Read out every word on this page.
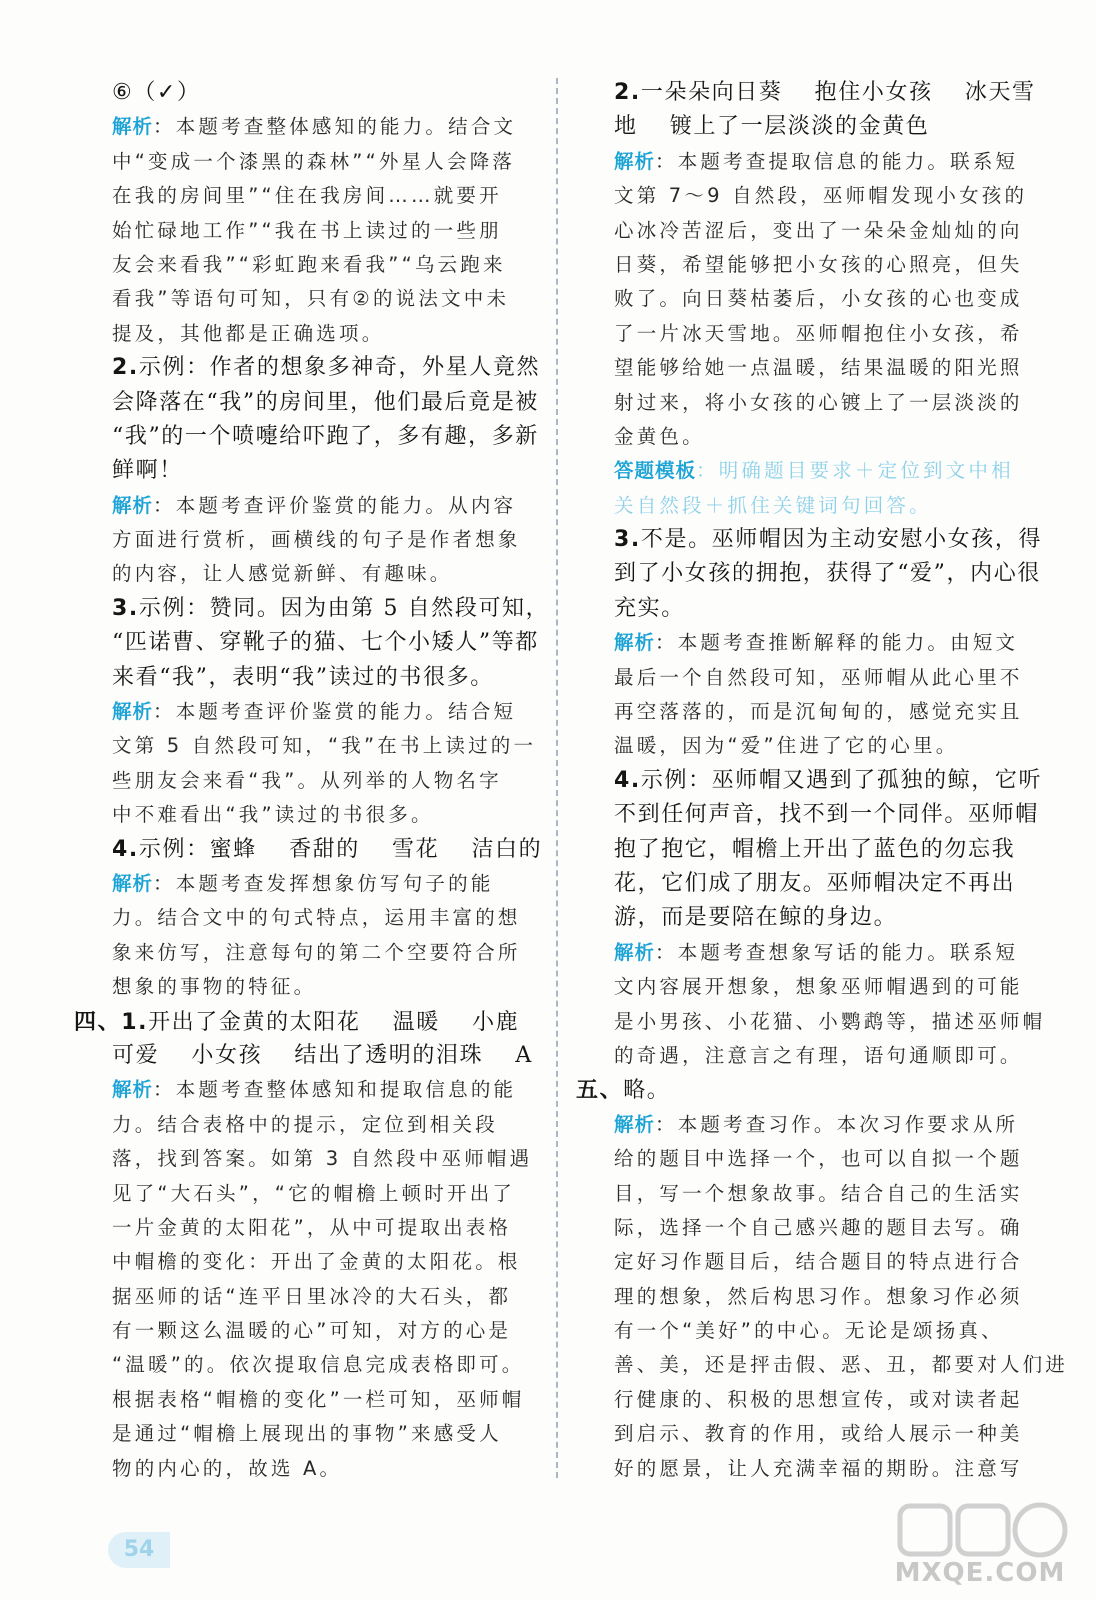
⑥（✓）
解析：本题考查整体感知的能力。结合文
中“变成一个漆黑的森林”“外星人会降落
在我的房间里”“住在我房间……就要开
始忙碌地工作”“我在书上读过的一些朋
友会来看我”“彩虹跑来看我”“乌云跑来
看我”等语句可知，只有②的说法文中未
提及，其他都是正确选项。
2.示例：作者的想象多神奇，外星人竟然
会降落在“我”的房间里，他们最后竟是被
“我”的一个喷嚏给吓跑了，多有趣，多新
鲜啊！
解析：本题考查评价鉴赏的能力。从内容
方面进行赏析，画横线的句子是作者想象
的内容，让人感觉新鲜、有趣味。
3.示例：赞同。因为由第 5 自然段可知，
“匹诺曹、穿靴子的猫、七个小矮人”等都
来看“我”，表明“我”读过的书很多。
解析：本题考查评价鉴赏的能力。结合短
文第 5 自然段可知，“我”在书上读过的一
些朋友会来看“我”。从列举的人物名字
中不难看出“我”读过的书很多。
4.示例：蜜蜂　 香甜的　 雪花　 洁白的
解析：本题考查发挥想象仿写句子的能
力。结合文中的句式特点，运用丰富的想
象来仿写，注意每句的第二个空要符合所
想象的事物的特征。
四、1.开出了金黄的太阳花　 温暖　 小鹿
可爱　 小女孩　 结出了透明的泪珠　 A
解析：本题考查整体感知和提取信息的能
力。结合表格中的提示，定位到相关段
落，找到答案。如第 3 自然段中巫师帽遇
见了“大石头”，“它的帽檐上顿时开出了
一片金黄的太阳花”，从中可提取出表格
中帽檐的变化：开出了金黄的太阳花。根
据巫师的话“连平日里冰冷的大石头，都
有一颗这么温暖的心”可知，对方的心是
“温暖”的。依次提取信息完成表格即可。
根据表格“帽檐的变化”一栏可知，巫师帽
是通过“帽檐上展现出的事物”来感受人
物的内心的，故选 A。
2.一朵朵向日葵　 抱住小女孩　 冰天雪
地　 镀上了一层淡淡的金黄色
解析：本题考查提取信息的能力。联系短
文第 7～9 自然段，巫师帽发现小女孩的
心冰冷苦涩后，变出了一朵朵金灿灿的向
日葵，希望能够把小女孩的心照亮，但失
败了。向日葵枯萎后，小女孩的心也变成
了一片冰天雪地。巫师帽抱住小女孩，希
望能够给她一点温暖，结果温暖的阳光照
射过来，将小女孩的心镀上了一层淡淡的
金黄色。
答题模板：明确题目要求＋定位到文中相
关自然段＋抓住关键词句回答。
3.不是。巫师帽因为主动安慰小女孩，得
到了小女孩的拥抱，获得了“爱”，内心很
充实。
解析：本题考查推断解释的能力。由短文
最后一个自然段可知，巫师帽从此心里不
再空落落的，而是沉甸甸的，感觉充实且
温暖，因为“爱”住进了它的心里。
4.示例：巫师帽又遇到了孤独的鲸，它听
不到任何声音，找不到一个同伴。巫师帽
抱了抱它，帽檐上开出了蓝色的勿忘我
花，它们成了朋友。巫师帽决定不再出
游，而是要陪在鲸的身边。
解析：本题考查想象写话的能力。联系短
文内容展开想象，想象巫师帽遇到的可能
是小男孩、小花猫、小鹦鹉等，描述巫师帽
的奇遇，注意言之有理，语句通顺即可。
五、略。
解析：本题考查习作。本次习作要求从所
给的题目中选择一个，也可以自拟一个题
目，写一个想象故事。结合自己的生活实
际，选择一个自己感兴趣的题目去写。确
定好习作题目后，结合题目的特点进行合
理的想象，然后构思习作。想象习作必须
有一个“美好”的中心。无论是颂扬真、
善、美，还是抨击假、恶、丑，都要对人们进
行健康的、积极的思想宣传，或对读者起
到启示、教育的作用，或给人展示一种美
好的愿景，让人充满幸福的期盼。注意写
54
MXQE.COM
